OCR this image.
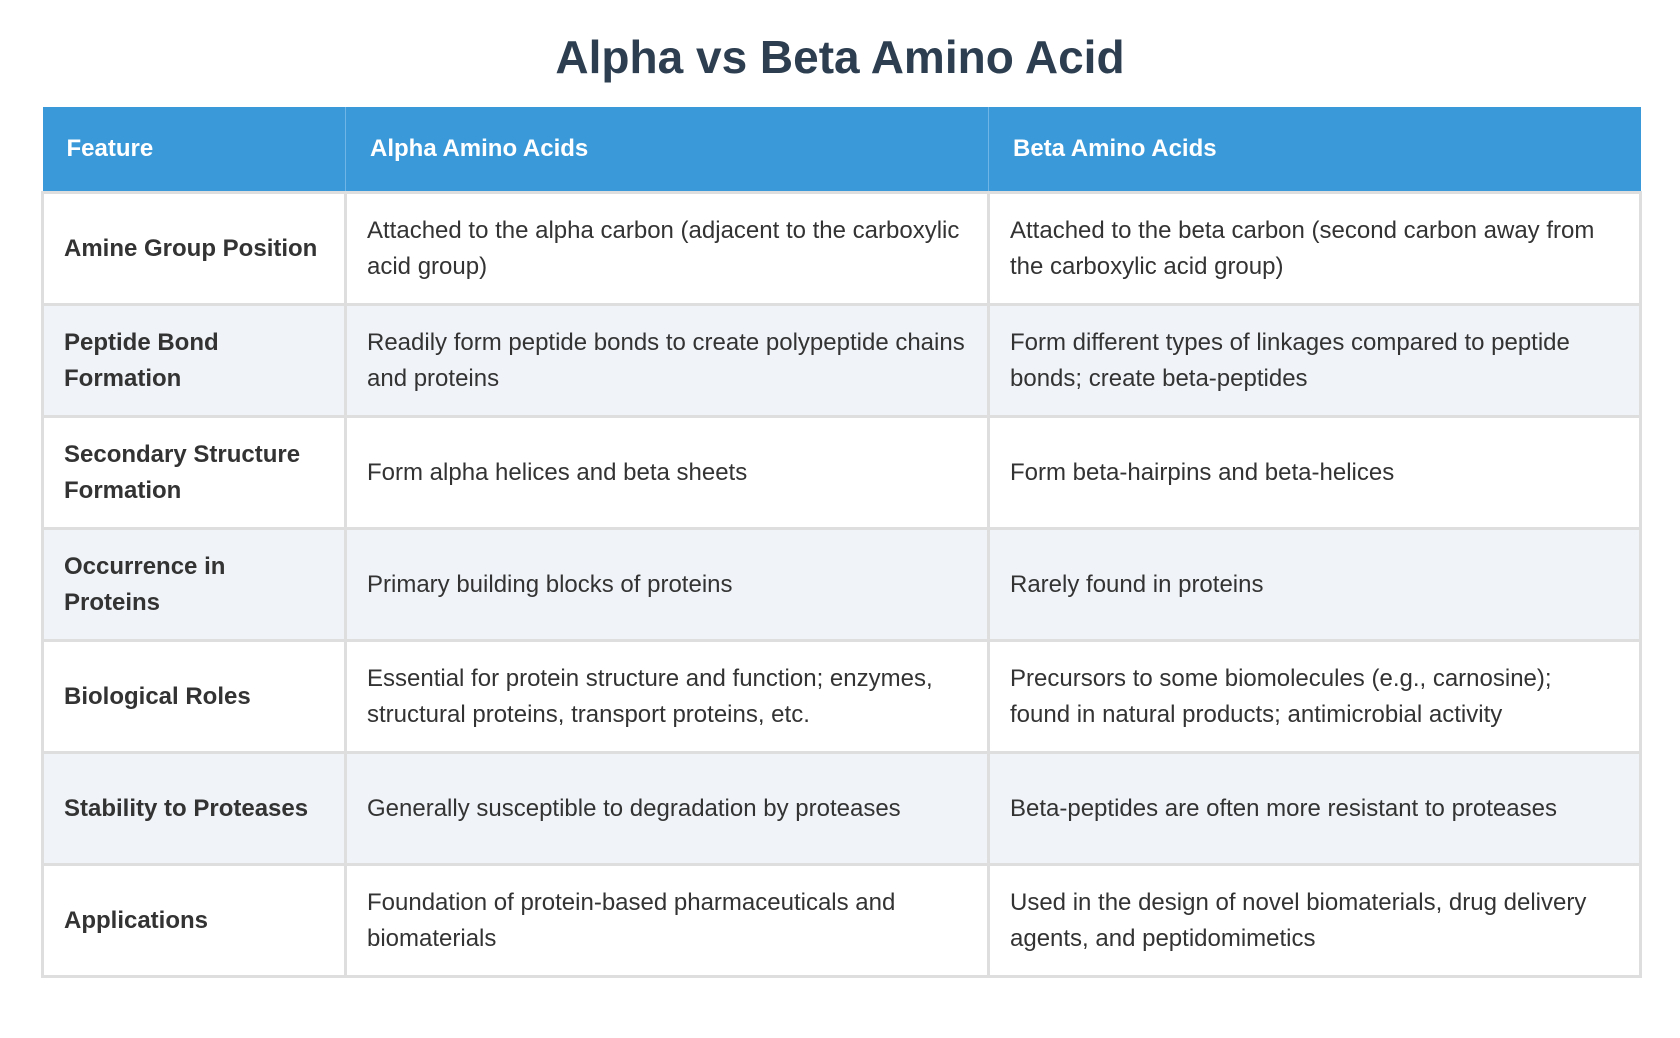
Alpha vs Beta Amino Acid
Feature	Alpha Amino Acids	Beta Amino Acids
Amine Group Position	Attached to the alpha carbon (adjacent to the carboxylic acid group)	Attached to the beta carbon (second carbon away from the carboxylic acid group)
Peptide Bond Formation	Readily form peptide bonds to create polypeptide chains and proteins	Form different types of linkages compared to peptide bonds; create beta-peptides
Secondary Structure Formation	Form alpha helices and beta sheets	Form beta-hairpins and beta-helices
Occurrence in Proteins	Primary building blocks of proteins	Rarely found in proteins
Biological Roles	Essential for protein structure and function; enzymes, structural proteins, transport proteins, etc.	Precursors to some biomolecules (e.g., carnosine); found in natural products; antimicrobial activity
Stability to Proteases	Generally susceptible to degradation by proteases	Beta-peptides are often more resistant to proteases
Applications	Foundation of protein-based pharmaceuticals and biomaterials	Used in the design of novel biomaterials, drug delivery agents, and peptidomimetics
